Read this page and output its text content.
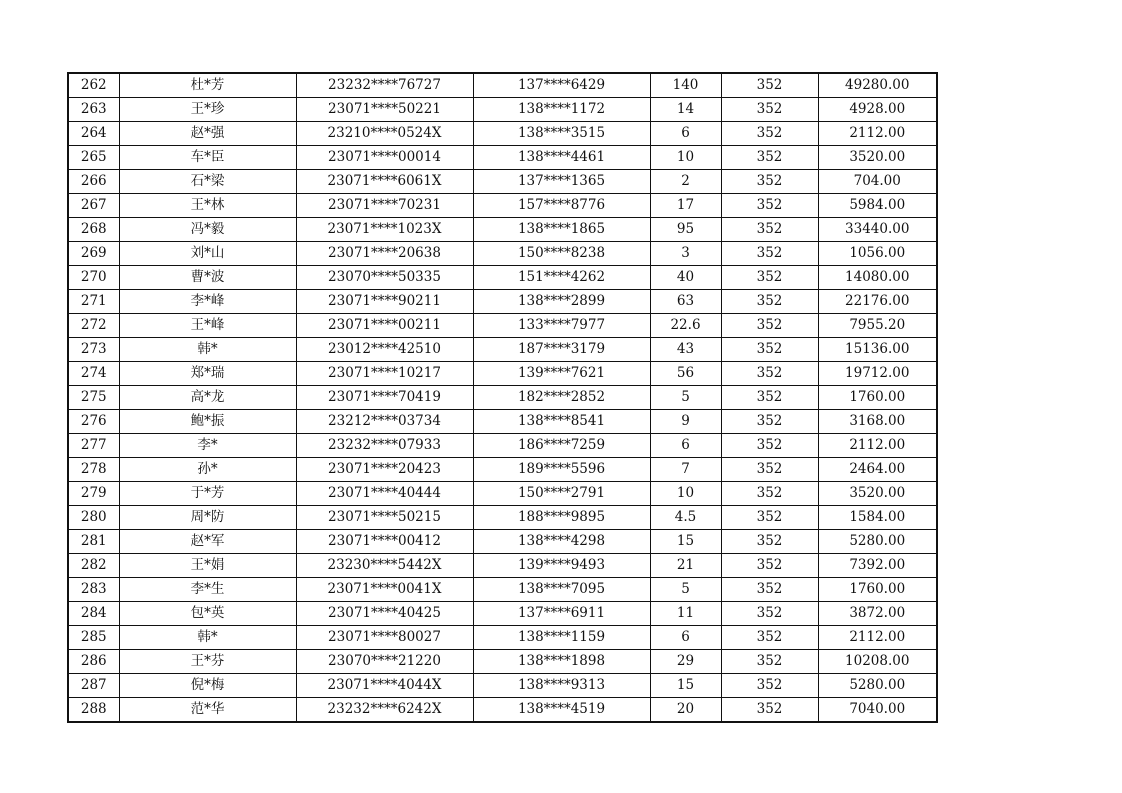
262	杜*芳	23232****76727	137****6429	140	352	49280.00
263	王*珍	23071****50221	138****1172	14	352	4928.00
264	赵*强	23210****0524X	138****3515	6	352	2112.00
265	车*臣	23071****00014	138****4461	10	352	3520.00
266	石*梁	23071****6061X	137****1365	2	352	704.00
267	王*林	23071****70231	157****8776	17	352	5984.00
268	冯*毅	23071****1023X	138****1865	95	352	33440.00
269	刘*山	23071****20638	150****8238	3	352	1056.00
270	曹*波	23070****50335	151****4262	40	352	14080.00
271	李*峰	23071****90211	138****2899	63	352	22176.00
272	王*峰	23071****00211	133****7977	22.6	352	7955.20
273	韩*	23012****42510	187****3179	43	352	15136.00
274	郑*瑞	23071****10217	139****7621	56	352	19712.00
275	高*龙	23071****70419	182****2852	5	352	1760.00
276	鲍*振	23212****03734	138****8541	9	352	3168.00
277	李*	23232****07933	186****7259	6	352	2112.00
278	孙*	23071****20423	189****5596	7	352	2464.00
279	于*芳	23071****40444	150****2791	10	352	3520.00
280	周*防	23071****50215	188****9895	4.5	352	1584.00
281	赵*军	23071****00412	138****4298	15	352	5280.00
282	王*娟	23230****5442X	139****9493	21	352	7392.00
283	李*生	23071****0041X	138****7095	5	352	1760.00
284	包*英	23071****40425	137****6911	11	352	3872.00
285	韩*	23071****80027	138****1159	6	352	2112.00
286	王*芬	23070****21220	138****1898	29	352	10208.00
287	倪*梅	23071****4044X	138****9313	15	352	5280.00
288	范*华	23232****6242X	138****4519	20	352	7040.00
